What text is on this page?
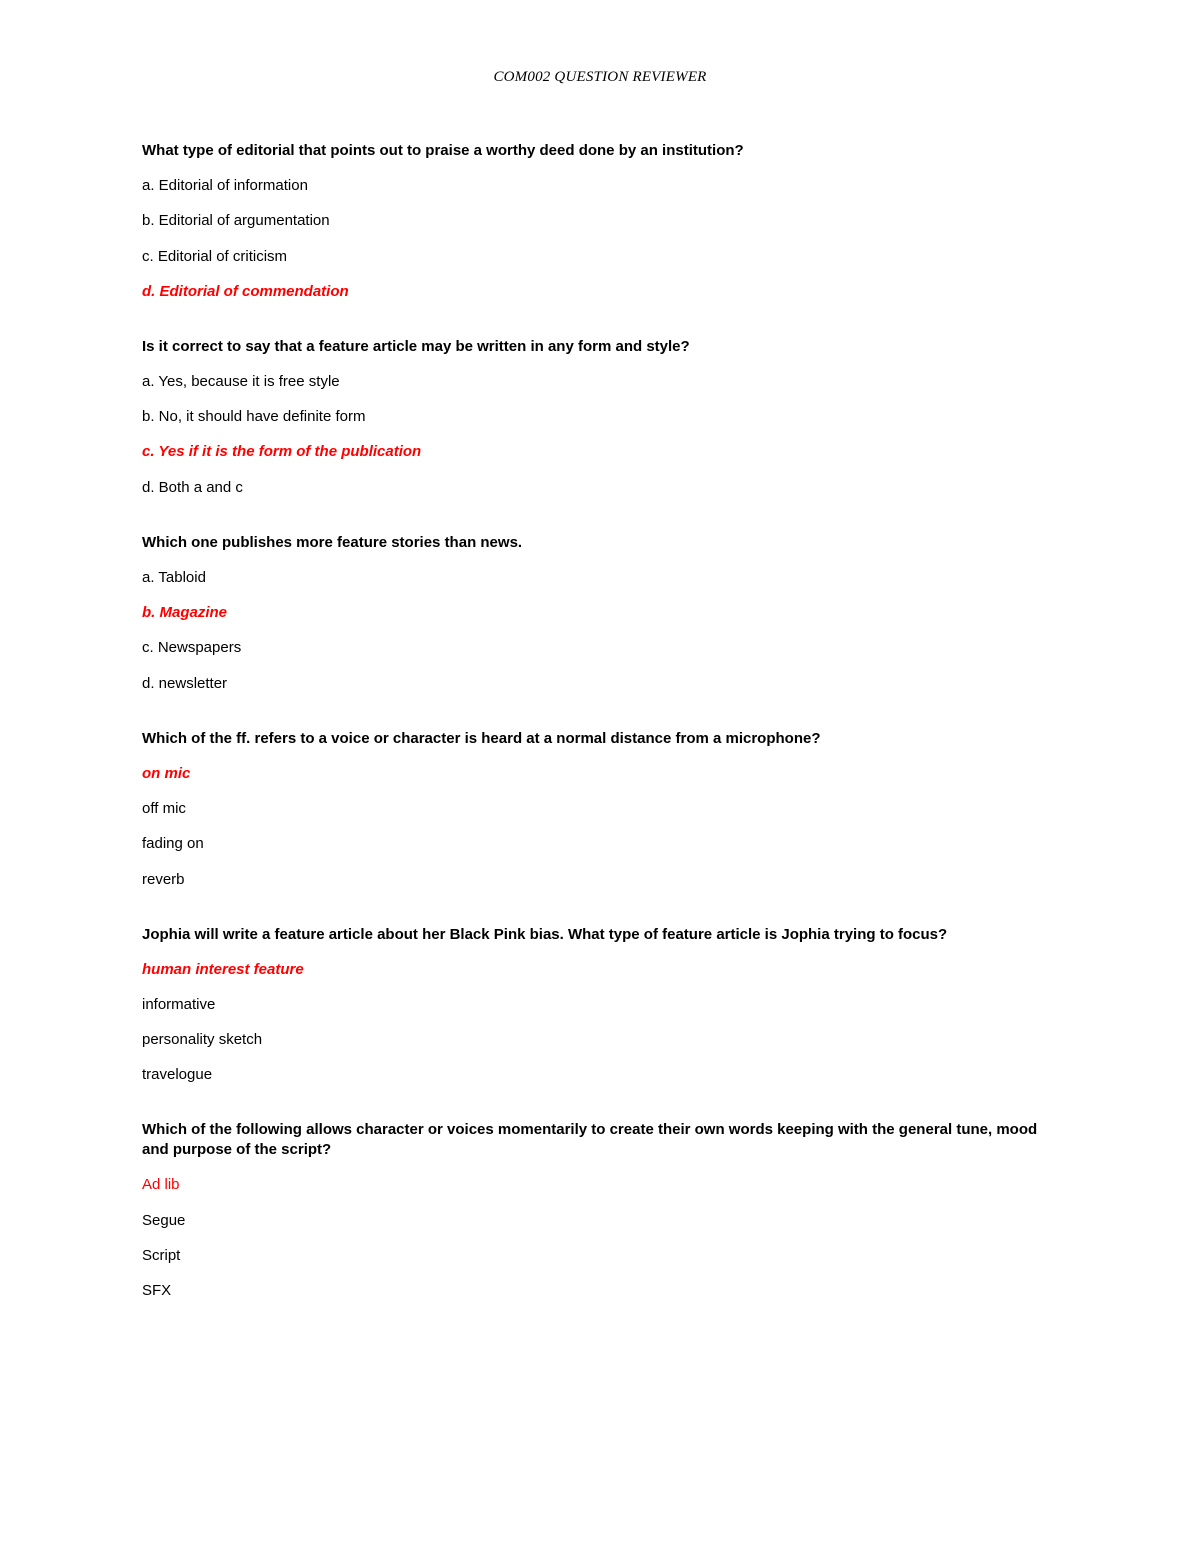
COM002 QUESTION REVIEWER
What type of editorial that points out to praise a worthy deed done by an institution?
a. Editorial of information
b. Editorial of argumentation
c. Editorial of criticism
d. Editorial of commendation
Is it correct to say that a feature article may be written in any form and style?
a. Yes, because it is free style
b. No, it should have definite form
c. Yes if it is the form of the publication
d. Both a and c
Which one publishes more feature stories than news.
a. Tabloid
b. Magazine
c. Newspapers
d. newsletter
Which of the ff. refers to a voice or character is heard at a normal distance from a microphone?
on mic
off mic
fading on
reverb
Jophia will write a feature article about her Black Pink bias. What type of feature article is Jophia trying to focus?
human interest feature
informative
personality sketch
travelogue
Which of the following allows character or voices momentarily to create their own words keeping with the general tune, mood and purpose of the script?
Ad lib
Segue
Script
SFX
